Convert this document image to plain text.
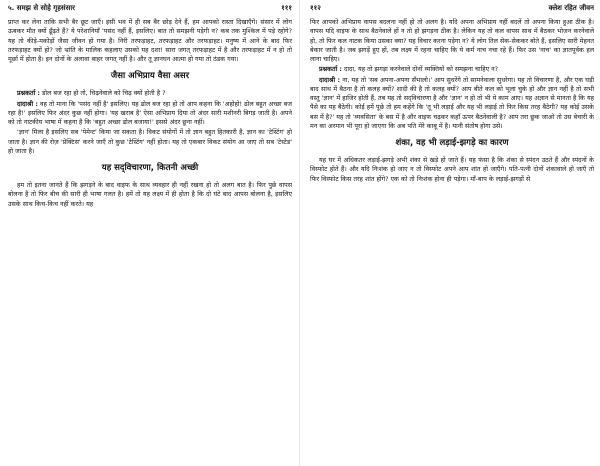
५. समझ से सोहे गृहसंसार	१११

प्राप्त कर लेना ताकि सभी बैर छूट जाएँ। इसी भव में ही सब बैर छोड़ देने हैं, हम आपको रास्ता दिखाएँगे। संसार में लोग ऊबकर मौत क्यों ढूँढ़ते हैं? ये परेशानियाँ 'पसंद नहीं हैं, इसलिए। बात तो समझनी पड़ेगी न? कब तक मुश्किल में पड़े रहोगे? यह तो कीड़े-मकोड़ों जैसा जीवन हो गया है। निरी तरफड़ाहट, तरफड़ाहट और तरफड़ाहट। मनुष्य में आने के बाद फिर तरफड़ाहट क्यों हो? जो भ्रांति के मालिक कहलाए उसको यह दशा! सारा जगत् तरफड़ाहट में है और तरफड़ाहट में न हो तो मूर्छा में होता है। इन दोनों के अलावा बाहर जगत् नहीं है। और तू ज्ञानघन आत्मा हो गया तो ठंडक गया।

जैसा अभिप्राय वैसा असर

प्रश्नकर्ता : डोल बज रहा हो तो, चिढ़नेवाले को चिढ़ क्यों होती है ?

दादाश्री : वह तो माना कि 'पसंद नहीं है' इसलिए। यह ढोल बज रहा हो तो आप कहना कि 'अहोहो! ढोल बहुत अच्छा बज रहा है!' इसलिए फिर अंदर कुछ नहीं होगा। 'यह खराब है' ऐसा अभिप्राय दिया तो अंदर सारी मशीनरी बिगड़ जाती है। अपने को तो नाटकीय भाषा में कहना है कि 'बहुत अच्छा ढोल बजाया!' इससे अंदर छूना नहीं।

'ज्ञान' मिला है इसलिए सब 'पेमेन्ट' किया जा सकता है। विकट संयोगों में तो ज्ञान बहुत हितकारी है, ज्ञान का 'टेस्टिंग' हो जाता है। ज्ञान की रोज़ 'प्रेक्टिस' करने जाएँ तो कुछ 'टेस्टिंग' नहीं होता। यह तो एकबार विकट संयोग आ जाए तो सब 'टेस्टेड' हो जाता है।

यह सद्‌विचारणा, कितनी अच्छी

हम तो इतना जानते हैं कि झगड़ने के बाद वाइफ के साथ व्यवहार ही नहीं रखना हो तो अलग बात है। फिर पुछे वापस बोलना है तो फिर बीच की सारी ही भाषा गलत है। हमें तो यह लक्ष्य में ही होता है कि दो घंटे बाद आपस बोलना है, इसलिए उसके साथ किच-किच नहीं करते। यह

११२	क्लेश रहित जीवन

फिर आपको अभिप्राय वापस बदलना नहीं हो तो अलग है। यदि अपना अभिप्राय नहीं बदलें तो अपना किया हुआ ठीक है। वापस यदि वाइफ के साथ बैठनेवाले हों न तो हो झगड़ना ठीक है। लेकिन यह तो कल वापस साथ में बैठकर भोजन करनेवाले हो, तो फिर कल नाटक किया उसका क्या? यह विचार करना पड़ेगा न? ये लोग तिल सेक-सेककर बोते हैं, इसलिए सारी मेहनत बेकार जाती है। जब झगड़ें हुए हों, तब लक्ष्य में रहना चाहिए कि ये कर्म नाच नचा रहे हैं। फिर उस 'नाच' का ज्ञातपूर्वक हल लाना चाहिए।

प्रश्नकर्ता : दादा, यह तो झगड़ा करनेवाले दोनों व्यक्तियों को समझना चाहिए न?

दादाश्री : ना, यह तो 'सब अपना-अपना सँभालो।' आप सुधरेंगे तो सामनेवाला सुधरेगा। यह तो विचारणा है, और एक घड़ी बाद साथ में बैठना है तो कलह क्यों? शादी की है तो कलह क्यों? आप बीते कल को भूला चुके हो और ज्ञान नहीं है तो सभी वस्तु 'ज्ञान' में हाजिर होती हैं, तब यह तो सद्‌विचारणा है और 'ज्ञान' न हो तो भी ये काम आए। यह अज्ञान से मानता है कि यह पैसे का यह बैठेगी। कोई हमें पूछे तो हम कहेंगे कि 'तू भी लड़ाई और यह भी लड़ाई तो फिर किस तरह बैठेगी? यह कोई उसके बस में है?' यह तो 'व्यवसिता' के बस में है और वाइफ चढ़कर कहाँ ऊपर बैठनेवाली है? आप तरा छूक जाओ तो उस बेचारी के मन का अरमान भी पूरा हो जाएगा कि अब पति मेरे काबू में है। यानी संतोष होगा उसे।

शंका, वह भी लड़ाई-झगड़े का कारण

यह घर में अधिकतर लड़ाई-झगड़े अभी शंका से खड़े हो जाते हैं। यह फंसा है कि शंका से स्पंदन उठते हैं और स्पंदनों के विस्फोट होते हैं। और यदि निःशंक हो जाए न तो विस्फोट अपने आप शांत हो जाएँगे। पति-पत्नी दोनों शंकावाले हो जाएँ तो फिर विस्फोट किस तरह शांत होंगे? एक को तो निःशंक होना ही पड़ेगा। माँ-बाप के लड़ाई-झगड़ों से
